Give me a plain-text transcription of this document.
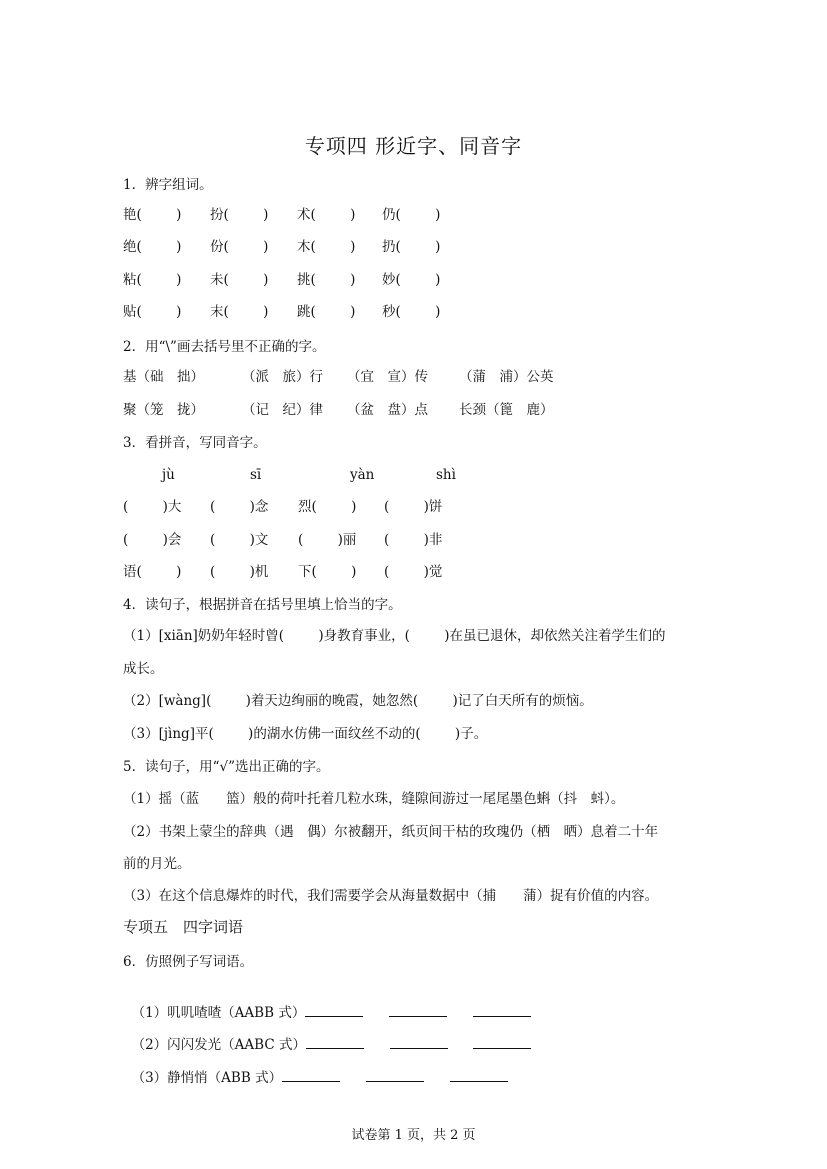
专项四 形近字、同音字
1．辨字组词。
艳(        ) 扮(        ) 术(        ) 仍(        )
绝(        ) 份(        ) 木(        ) 扔(        )
粘(        ) 未(        ) 挑(        ) 妙(        )
贴(        ) 末(        ) 跳(        ) 秒(        )
2．用“\”画去括号里不正确的字。
基（础　拙）	（派　旅）行 （宜　宣）传 （蒲　浦）公英
聚（笼　拢）	（记　纪）律 （盆　盘）点 长颈（篦　鹿）
3．看拼音，写同音字。
jù	sī	yàn	shì
(        )大 (        )念 烈(        ) (        )饼
(        )会 (        )文 (        )丽 (        )非
语(        ) (        )机 下(        ) (        )觉
4．读句子，根据拼音在括号里填上恰当的字。
（1）[xiān]奶奶年轻时曾(        )身教育事业，(        )在虽已退休，却依然关注着学生们的
成长。
（2）[wàng](        )着天边绚丽的晚霞，她忽然(        )记了白天所有的烦恼。
（3）[jìng]平(        )的湖水仿佛一面纹丝不动的(        )子。
5．读句子，用“√”选出正确的字。
（1）摇（蓝　　篮）般的荷叶托着几粒水珠，缝隙间游过一尾尾墨色蝌（抖　蚪）。
（2）书架上蒙尘的辞典（遇　偶）尔被翻开，纸页间干枯的玫瑰仍（栖　晒）息着二十年
前的月光。
（3）在这个信息爆炸的时代，我们需要学会从海量数据中（捕　　蒲）捉有价值的内容。
专项五　四字词语
6．仿照例子写词语。

（1）叽叽喳喳（AABB 式）

（2）闪闪发光（AABC 式）

（3）静悄悄（ABB 式）

试卷第 1 页，共 2 页
